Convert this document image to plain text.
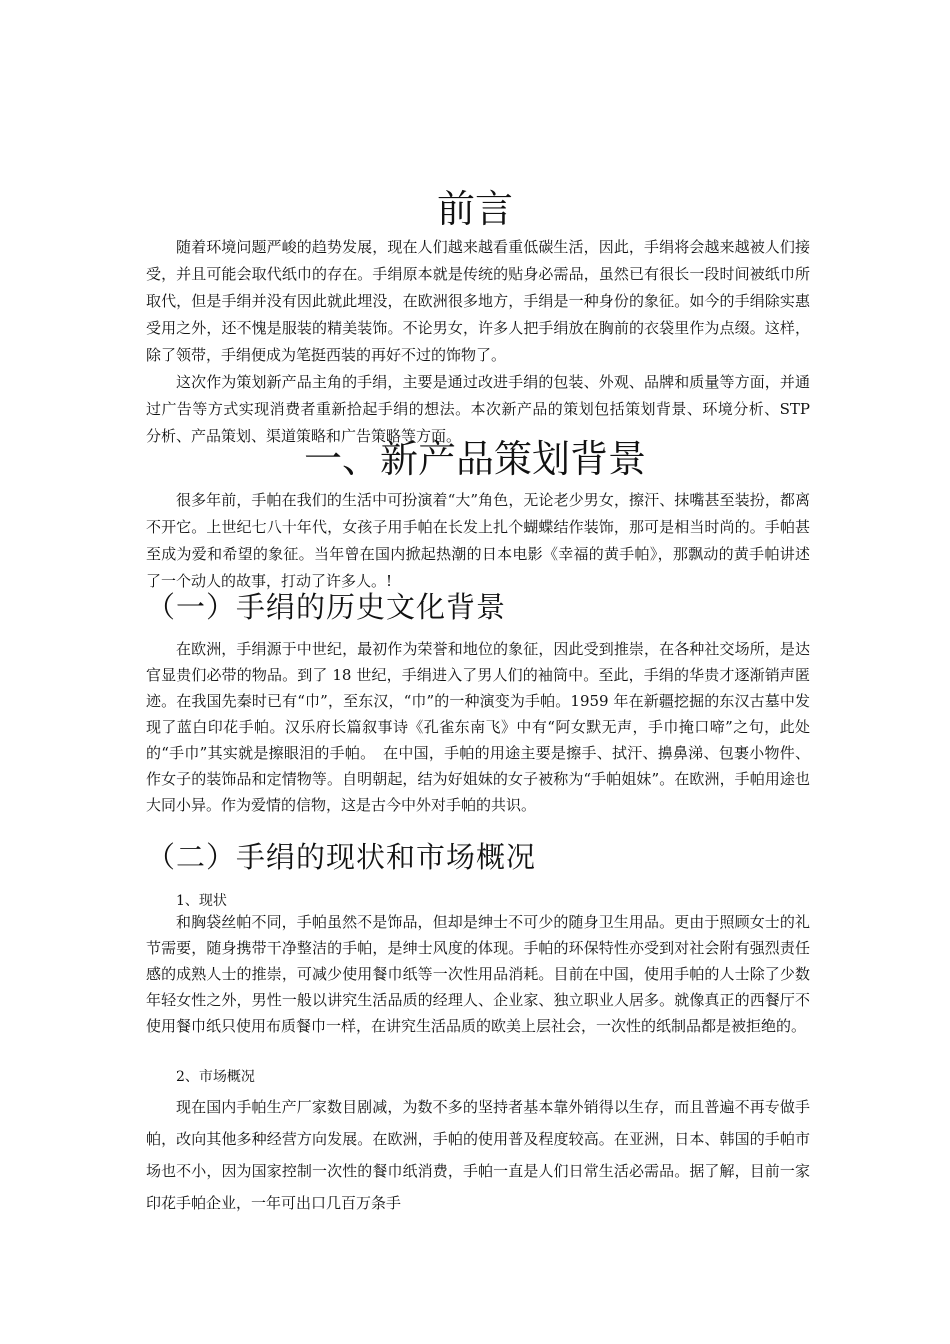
前言

随着环境问题严峻的趋势发展，现在人们越来越看重低碳生活，因此，手绢将会越来越被人们接受，并且可能会取代纸巾的存在。手绢原本就是传统的贴身必需品，虽然已有很长一段时间被纸巾所取代，但是手绢并没有因此就此埋没，在欧洲很多地方，手绢是一种身份的象征。如今的手绢除实惠受用之外，还不愧是服装的精美装饰。不论男女，许多人把手绢放在胸前的衣袋里作为点缀。这样，除了领带，手绢便成为笔挺西装的再好不过的饰物了。

这次作为策划新产品主角的手绢，主要是通过改进手绢的包装、外观、品牌和质量等方面，并通过广告等方式实现消费者重新拾起手绢的想法。本次新产品的策划包括策划背景、环境分析、STP 分析、产品策划、渠道策略和广告策略等方面。

一、新产品策划背景

很多年前，手帕在我们的生活中可扮演着“大”角色，无论老少男女，擦汗、抹嘴甚至装扮，都离不开它。上世纪七八十年代，女孩子用手帕在长发上扎个蝴蝶结作装饰，那可是相当时尚的。手帕甚至成为爱和希望的象征。当年曾在国内掀起热潮的日本电影《幸福的黄手帕》，那飘动的黄手帕讲述了一个动人的故事，打动了许多人。!

（一）手绢的历史文化背景

在欧洲，手绢源于中世纪，最初作为荣誉和地位的象征，因此受到推崇，在各种社交场所，是达官显贵们必带的物品。到了 18 世纪，手绢进入了男人们的袖筒中。至此，手绢的华贵才逐渐销声匿迹。在我国先秦时已有“巾”，至东汉，“巾”的一种演变为手帕。1959 年在新疆挖掘的东汉古墓中发现了蓝白印花手帕。汉乐府长篇叙事诗《孔雀东南飞》中有“阿女默无声，手巾掩口啼”之句，此处的“手巾”其实就是擦眼泪的手帕。　在中国，手帕的用途主要是擦手、拭汗、擤鼻涕、包裹小物件、作女子的装饰品和定情物等。自明朝起，结为好姐妹的女子被称为“手帕姐妹”。在欧洲，手帕用途也大同小异。作为爱情的信物，这是古今中外对手帕的共识。

（二）手绢的现状和市场概况

1、现状

和胸袋丝帕不同，手帕虽然不是饰品，但却是绅士不可少的随身卫生用品。更由于照顾女士的礼节需要，随身携带干净整洁的手帕，是绅士风度的体现。手帕的环保特性亦受到对社会附有强烈责任感的成熟人士的推崇，可减少使用餐巾纸等一次性用品消耗。目前在中国，使用手帕的人士除了少数年轻女性之外，男性一般以讲究生活品质的经理人、企业家、独立职业人居多。就像真正的西餐厅不使用餐巾纸只使用布质餐巾一样，在讲究生活品质的欧美上层社会，一次性的纸制品都是被拒绝的。

2、市场概况

现在国内手帕生产厂家数目剧减，为数不多的坚持者基本靠外销得以生存，而且普遍不再专做手帕，改向其他多种经营方向发展。在欧洲，手帕的使用普及程度较高。在亚洲，日本、韩国的手帕市场也不小，因为国家控制一次性的餐巾纸消费，手帕一直是人们日常生活必需品。据了解，目前一家印花手帕企业，一年可出口几百万条手
